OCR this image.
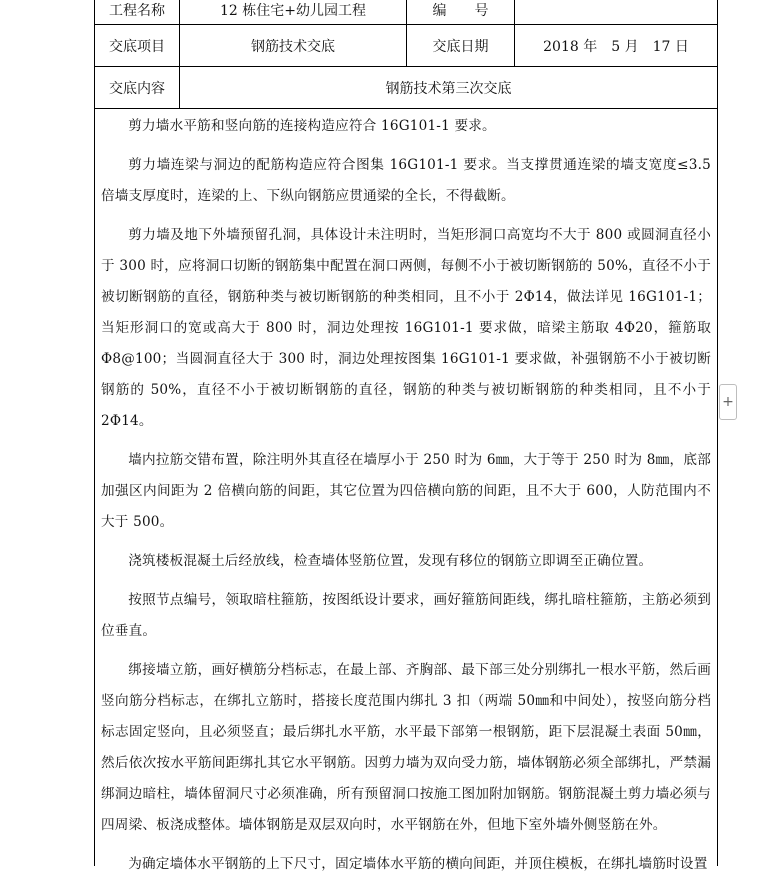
工程名称	12 栋住宅+幼儿园工程	编　　号	
交底项目	钢筋技术交底	交底日期	2018 年　5 月　17 日
交底内容	钢筋技术第三次交底		

剪力墙水平筋和竖向筋的连接构造应符合 16G101-1 要求。

剪力墙连梁与洞边的配筋构造应符合图集 16G101-1 要求。当支撑贯通连梁的墙支宽度≤3.5 倍墙支厚度时，连梁的上、下纵向钢筋应贯通梁的全长，不得截断。

剪力墙及地下外墙预留孔洞，具体设计未注明时，当矩形洞口高宽均不大于 800 或圆洞直径小于 300 时，应将洞口切断的钢筋集中配置在洞口两侧，每侧不小于被切断钢筋的 50%，直径不小于被切断钢筋的直径，钢筋种类与被切断钢筋的种类相同，且不小于 2Φ14，做法详见 16G101-1；当矩形洞口的宽或高大于 800 时，洞边处理按 16G101-1 要求做，暗梁主筋取 4Φ20，箍筋取Φ8@100；当圆洞直径大于 300 时，洞边处理按图集 16G101-1 要求做，补强钢筋不小于被切断钢筋的 50%，直径不小于被切断钢筋的直径，钢筋的种类与被切断钢筋的种类相同，且不小于 2Φ14。

墙内拉筋交错布置，除注明外其直径在墙厚小于 250 时为 6㎜，大于等于 250 时为 8㎜，底部加强区内间距为 2 倍横向筋的间距，其它位置为四倍横向筋的间距，且不大于 600，人防范围内不大于 500。

浇筑楼板混凝土后经放线，检查墙体竖筋位置，发现有移位的钢筋立即调至正确位置。

按照节点编号，领取暗柱箍筋，按图纸设计要求，画好箍筋间距线，绑扎暗柱箍筋，主筋必须到位垂直。

绑接墙立筋，画好横筋分档标志，在最上部、齐胸部、最下部三处分别绑扎一根水平筋，然后画竖向筋分档标志，在绑扎立筋时，搭接长度范围内绑扎 3 扣（两端 50㎜和中间处），按竖向筋分档标志固定竖向，且必须竖直；最后绑扎水平筋，水平最下部第一根钢筋，距下层混凝土表面 50㎜，然后依次按水平筋间距绑扎其它水平钢筋。因剪力墙为双向受力筋，墙体钢筋必须全部绑扎，严禁漏绑洞边暗柱，墙体留洞尺寸必须准确，所有预留洞口按施工图加附加钢筋。钢筋混凝土剪力墙必须与四周梁、板浇成整体。墙体钢筋是双层双向时，水平钢筋在外，但地下室外墙外侧竖筋在外。

为确定墙体水平钢筋的上下尺寸，固定墙体水平筋的横向间距，并顶住模板，在绑扎墙筋时设置

+
